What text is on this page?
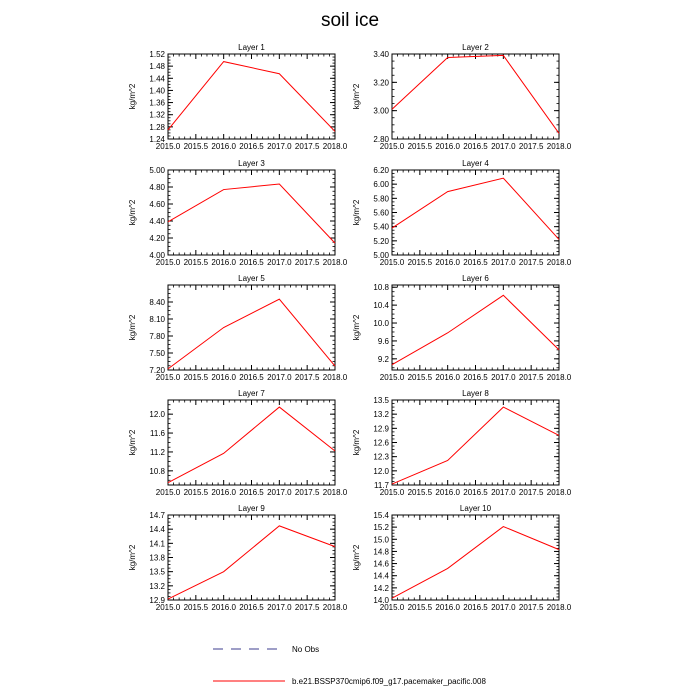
soil ice
Layer 1
kg/m^2
2015.0 2015.5 2016.0 2016.5 2017.0 2017.5 2018.0
1.24
1.28
1.32
1.36
1.40
1.44
1.48
1.52
Layer 2
kg/m^2
2015.0 2015.5 2016.0 2016.5 2017.0 2017.5 2018.0
2.80
3.00
3.20
3.40
Layer 3
kg/m^2
2015.0 2015.5 2016.0 2016.5 2017.0 2017.5 2018.0
4.00
4.20
4.40
4.60
4.80
5.00
Layer 4
kg/m^2
2015.0 2015.5 2016.0 2016.5 2017.0 2017.5 2018.0
5.00
5.20
5.40
5.60
5.80
6.00
6.20
Layer 5
kg/m^2
2015.0 2015.5 2016.0 2016.5 2017.0 2017.5 2018.0
7.20
7.50
7.80
8.10
8.40
Layer 6
kg/m^2
2015.0 2015.5 2016.0 2016.5 2017.0 2017.5 2018.0
9.2
9.6
10.0
10.4
10.8
Layer 7
kg/m^2
2015.0 2015.5 2016.0 2016.5 2017.0 2017.5 2018.0
10.8
11.2
11.6
12.0
Layer 8
kg/m^2
2015.0 2015.5 2016.0 2016.5 2017.0 2017.5 2018.0
11.7
12.0
12.3
12.6
12.9
13.2
13.5
Layer 9
kg/m^2
2015.0 2015.5 2016.0 2016.5 2017.0 2017.5 2018.0
12.9
13.2
13.5
13.8
14.1
14.4
14.7
Layer 10
kg/m^2
2015.0 2015.5 2016.0 2016.5 2017.0 2017.5 2018.0
14.0
14.2
14.4
14.6
14.8
15.0
15.2
15.4
No Obs
b.e21.BSSP370cmip6.f09_g17.pacemaker_pacific.008
